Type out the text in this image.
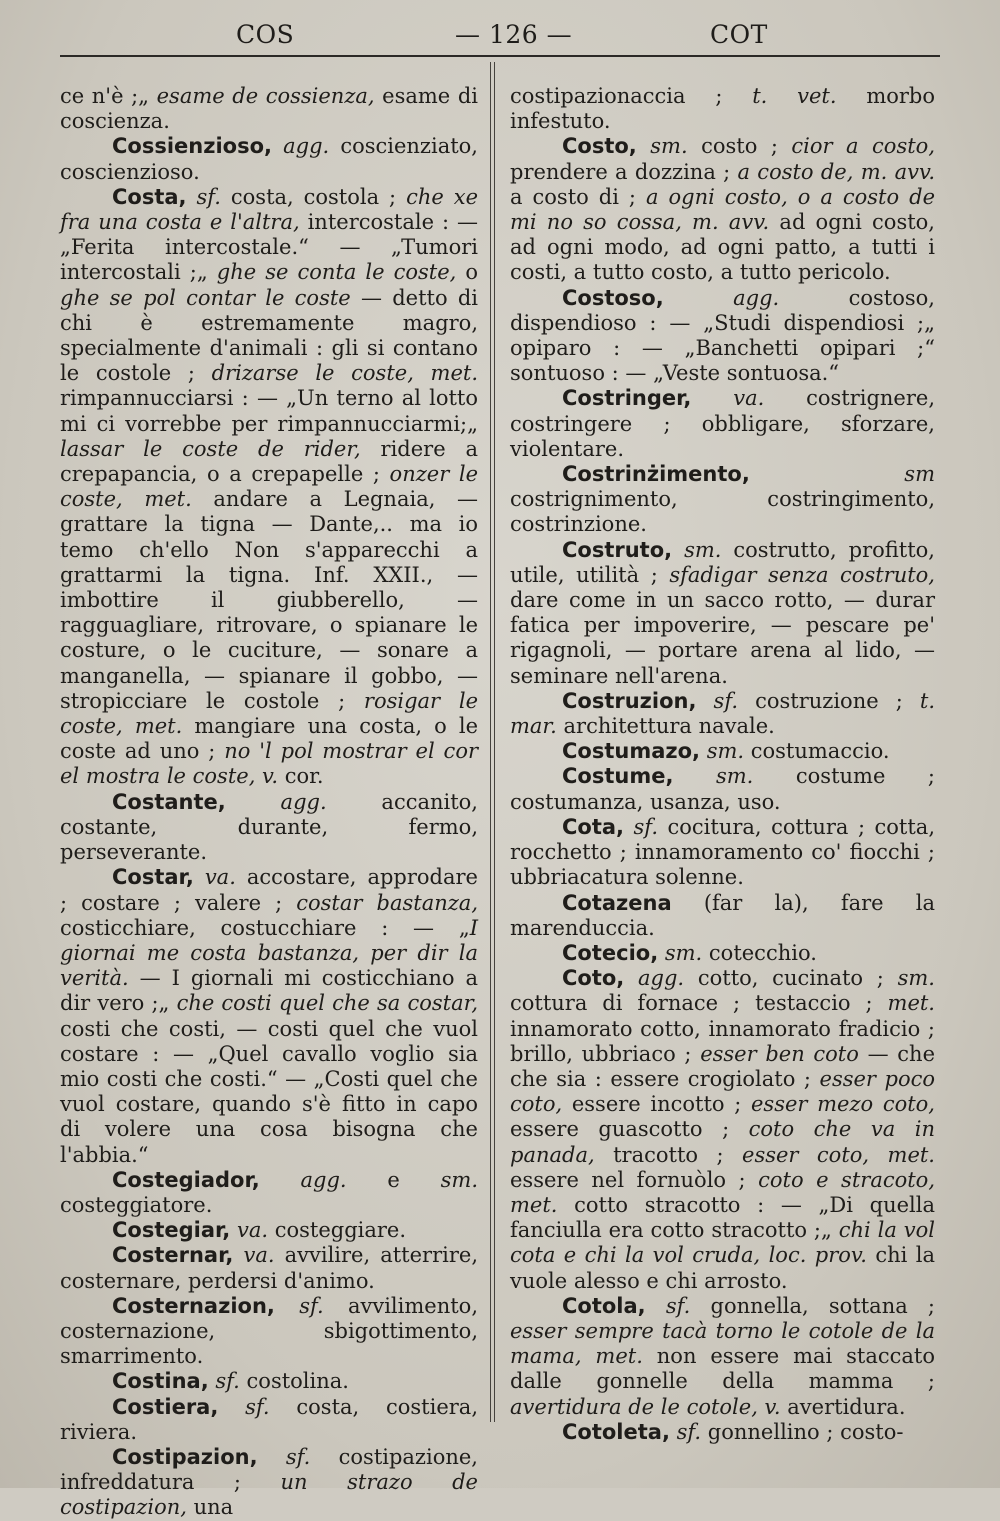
COS	— 126 —	COT

ce n'è ;„ esame de cossienza, esame di coscienza.

Cossienzioso, agg. coscienziato, coscienzioso.

Costa, sf. costa, costola ; che xe fra una costa e l'altra, intercostale : — „Ferita intercostale.“ — „Tumori intercostali ;„ ghe se conta le coste, o ghe se pol contar le coste — detto di chi è estremamente magro, specialmente d'animali : gli si contano le costole ; drizarse le coste, met. rimpannucciarsi : — „Un terno al lotto mi ci vorrebbe per rimpannucciarmi;„ lassar le coste de rider, ridere a crepapancia, o a crepapelle ; onzer le coste, met. andare a Legnaia, — grattare la tigna — Dante,.. ma io temo ch'ello Non s'apparecchi a grattarmi la tigna. Inf. XXII., — imbottire il giubberello, — ragguagliare, ritrovare, o spianare le costure, o le cuciture, — sonare a manganella, — spianare il gobbo, — stropicciare le costole ; rosigar le coste, met. mangiare una costa, o le coste ad uno ; no 'l pol mostrar el cor el mostra le coste, v. cor.

Costante,	agg. accanito, costante, durante, fermo, perseverante.

Costar, va. accostare, approdare ; costare ; valere ; costar bastanza, costicchiare, costucchiare : — „I giornai me costa bastanza, per dir la verità. — I giornali mi costicchiano a dir vero ;„ che costi quel che sa costar, costi che costi, — costi quel che vuol costare : — „Quel cavallo voglio sia mio costi che costi.“ — „Costi quel che vuol costare, quando s'è fitto in capo di volere una cosa bisogna che l'abbia.“

Costegiador, agg. e sm. costeggiatore.

Costegiar, va. costeggiare.

Costernar, va. avvilire, atterrire, costernare, perdersi d'animo.

Costernazion, sf. avvilimento, costernazione, sbigottimento, smarrimento.

Costina, sf. costolina.

Costiera, sf. costa, costiera, riviera.

Costipazion, sf. costipazione, infreddatura ; un strazo de costipazion, una

costipazionaccia ; t. vet. morbo infestuto.

Costo, sm. costo ; cior a costo, prendere a dozzina ; a costo de, m. avv. a costo di ; a ogni costo, o a costo de mi no so cossa, m. avv. ad ogni costo, ad ogni modo, ad ogni patto, a tutti i costi, a tutto costo, a tutto pericolo.

Costoso,	agg. costoso, dispendioso : — „Studi dispendiosi ;„ opiparo : — „Banchetti opipari ;“ sontuoso : — „Veste sontuosa.“

Costringer, va. costrignere, costringere ; obbligare, sforzare, violentare.

Costrinżimento,	sm costrignimento, costringimento, costrinzione.

Costruto, sm. costrutto, profitto, utile, utilità ; sfadigar senza costruto, dare come in un sacco rotto, — durar fatica per impoverire, — pescare pe' rigagnoli, — portare arena al lido, — seminare nell'arena.

Costruzion, sf. costruzione ; t. mar. architettura navale.

Costumazo, sm. costumaccio.

Costume, sm. costume ; costumanza, usanza, uso.

Cota, sf. cocitura, cottura ; cotta, rocchetto ; innamoramento co' fiocchi ; ubbriacatura solenne.

Cotazena (far la), fare la marenduccia.

Cotecio, sm. cotecchio.

Coto, agg. cotto, cucinato ; sm. cottura di fornace ; testaccio ; met. innamorato cotto, innamorato fradicio ; brillo, ubbriaco ; esser ben coto — che che sia : essere crogiolato ; esser poco coto, essere incotto ; esser mezo coto, essere guascotto ; coto che va in panada, tracotto ; esser coto, met. essere nel fornuòlo ; coto e stracoto, met. cotto stracotto : — „Di quella fanciulla era cotto stracotto ;„ chi la vol cota e chi la vol cruda, loc. prov. chi la vuole alesso e chi arrosto.

Cotola, sf. gonnella, sottana ; esser sempre tacà torno le cotole de la mama, met. non essere mai staccato dalle gonnelle della mamma ; avertidura de le cotole, v. avertidura.

Cotoleta, sf. gonnellino ; costo-
